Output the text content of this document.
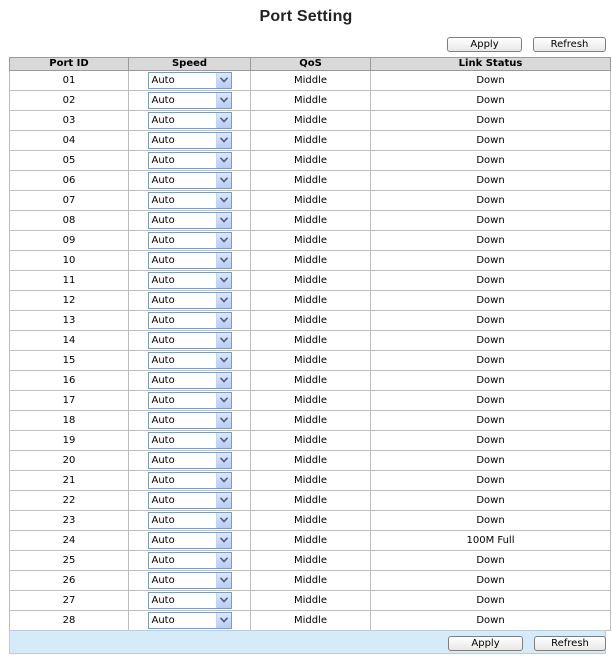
Port Setting
Apply	Refresh
Port ID	Speed	QoS	Link Status
01	Auto	Middle	Down
02	Auto	Middle	Down
03	Auto	Middle	Down
04	Auto	Middle	Down
05	Auto	Middle	Down
06	Auto	Middle	Down
07	Auto	Middle	Down
08	Auto	Middle	Down
09	Auto	Middle	Down
10	Auto	Middle	Down
11	Auto	Middle	Down
12	Auto	Middle	Down
13	Auto	Middle	Down
14	Auto	Middle	Down
15	Auto	Middle	Down
16	Auto	Middle	Down
17	Auto	Middle	Down
18	Auto	Middle	Down
19	Auto	Middle	Down
20	Auto	Middle	Down
21	Auto	Middle	Down
22	Auto	Middle	Down
23	Auto	Middle	Down
24	Auto	Middle	100M Full
25	Auto	Middle	Down
26	Auto	Middle	Down
27	Auto	Middle	Down
28	Auto	Middle	Down
Apply	Refresh
